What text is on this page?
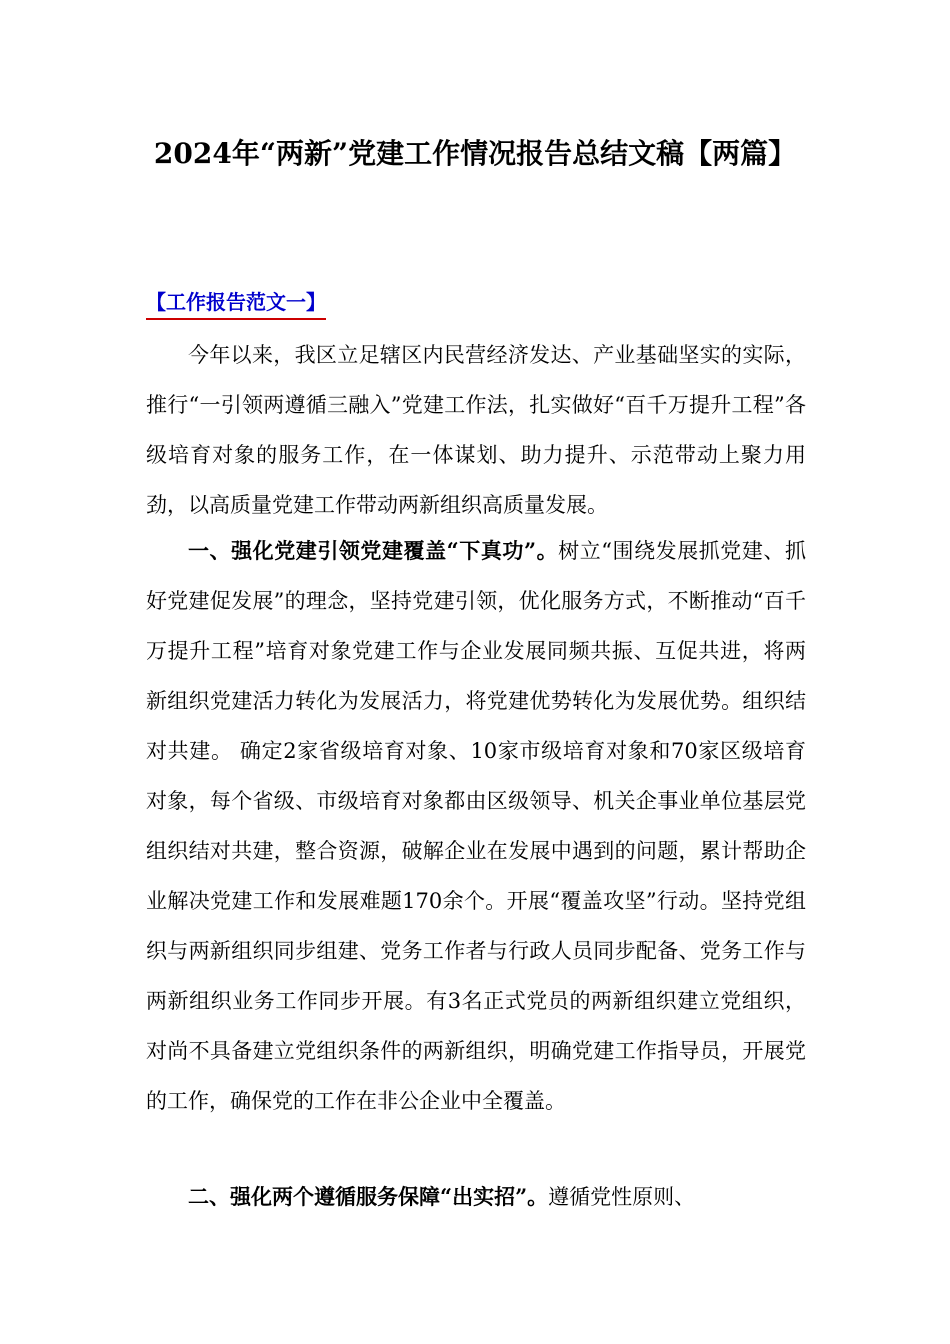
2024年“两新”党建工作情况报告总结文稿【两篇】
【工作报告范文一】

今年以来，我区立足辖区内民营经济发达、产业基础坚实的实际，推行“一引领两遵循三融入”党建工作法，扎实做好“百千万提升工程”各级培育对象的服务工作，在一体谋划、助力提升、示范带动上聚力用劲，以高质量党建工作带动两新组织高质量发展。

一、强化党建引领党建覆盖“下真功”。树立“围绕发展抓党建、抓好党建促发展”的理念，坚持党建引领，优化服务方式，不断推动“百千万提升工程”培育对象党建工作与企业发展同频共振、互促共进，将两新组织党建活力转化为发展活力，将党建优势转化为发展优势。组织结对共建。 确定2家省级培育对象、10家市级培育对象和70家区级培育对象，每个省级、市级培育对象都由区级领导、机关企事业单位基层党组织结对共建，整合资源，破解企业在发展中遇到的问题，累计帮助企业解决党建工作和发展难题170余个。开展“覆盖攻坚”行动。坚持党组织与两新组织同步组建、党务工作者与行政人员同步配备、党务工作与两新组织业务工作同步开展。有3名正式党员的两新组织建立党组织， 对尚不具备建立党组织条件的两新组织，明确党建工作指导员，开展党的工作，确保党的工作在非公企业中全覆盖。

二、强化两个遵循服务保障“出实招”。遵循党性原则、
